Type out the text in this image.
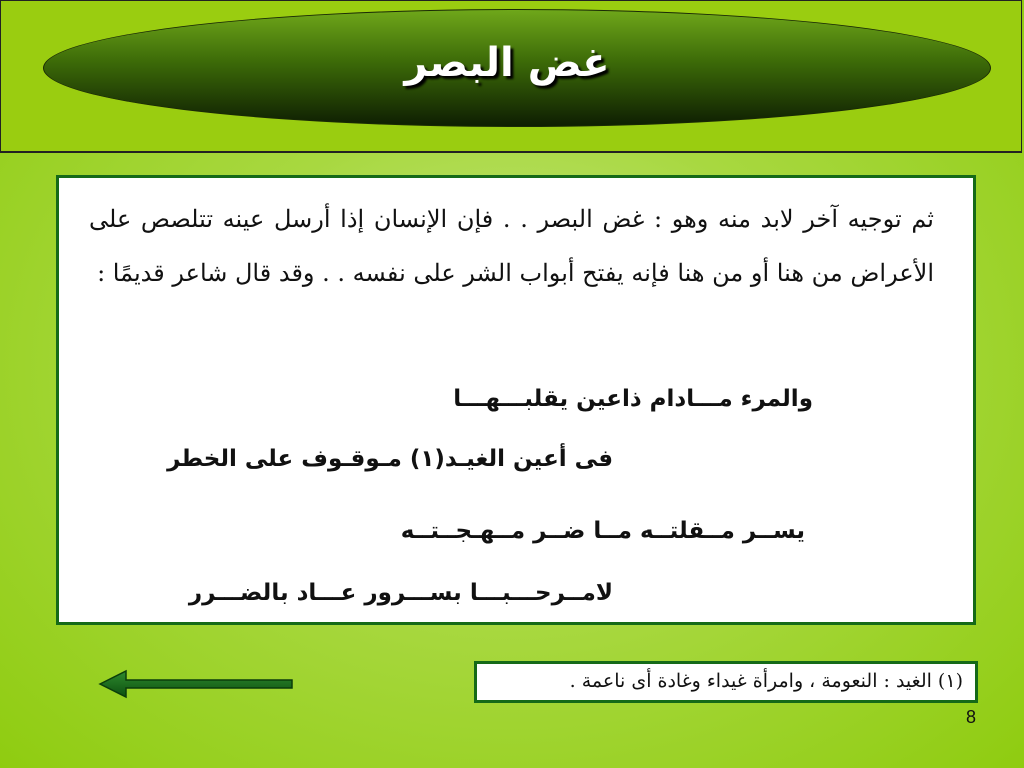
غض البصر
ثم توجيه آخر لابد منه وهو : غض البصر . . فإن الإنسان إذا أرسل عينه تتلصص على الأعراض من هنا أو من هنا فإنه يفتح أبواب الشر على نفسه . . وقد قال شاعر قديمًا :
والمرء مـــادام ذاعين يقلبـــهـــا
فى أعين الغيـد(١) مـوقـوف على الخطر
يســر مــقلتــه مــا ضــر مــهـجــتــه
لامــرحـــبـــا بســـرور عـــاد بالضـــرر
(١) الغيد : النعومة ، وامرأة غيداء وغادة أى ناعمة .
8
